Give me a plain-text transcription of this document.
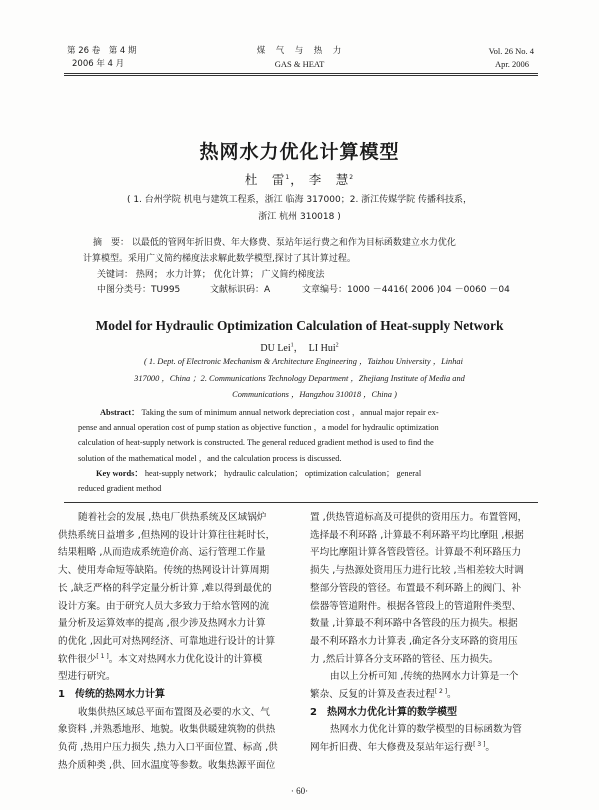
第 26 卷　第 4 期
2006 年 4 月
煤　气　与　热　力
GAS & HEAT
Vol. 26 No. 4
Apr. 2006
热网水力优化计算模型
杜　雷$^1$， 李　慧$^2$
( 1. 台州学院 机电与建筑工程系，浙江 临海 317000；2. 浙江传媒学院 传播科技系，
浙江 杭州 310018 )
摘　要： 以最低的管网年折旧费、年大修费、泵站年运行费之和作为目标函数建立水力优化
计算模型。采用广义简约梯度法求解此数学模型,探讨了其计算过程。
关键词： 热网； 水力计算； 优化计算； 广义简约梯度法
中图分类号：TU995	文献标识码：A	文章编号：1000 －4416( 2006 )04 －0060 －04
Model for Hydraulic Optimization Calculation of Heat-supply Network
DU Lei$^1$， LI Hui$^2$
( 1. Dept. of Electronic Mechanism & Architecture Engineering ，Taizhou University ，Linhai
317000 ，China ；2. Communications Technology Department ，Zhejiang Institute of Media and
Communications ，Hangzhou 310018 ，China )
Abstract： Taking the sum of minimum annual network depreciation cost ，annual major repair ex-
pense and annual operation cost of pump station as objective function ，a model for hydraulic optimization
calculation of heat-supply network is constructed. The general reduced gradient method is used to find the
solution of the mathematical model ，and the calculation process is discussed.
Key words： heat-supply network； hydraulic calculation； optimization calculation； general
reduced gradient method
随着社会的发展 ,热电厂供热系统及区域锅炉
供热系统日益增多 ,但热网的设计计算往往耗时长，
结果粗略 ,从而造成系统造价高、运行管理工作量
大、使用寿命短等缺陷。传统的热网设计计算周期
长 ,缺乏严格的科学定量分析计算 ,难以得到最优的
设计方案。由于研究人员大多致力于给水管网的流
量分析及运算效率的提高 ,很少涉及热网水力计算
的优化 ,因此可对热网经济、可靠地进行设计的计算
软件很少[ 1 ]。本文对热网水力优化设计的计算模
型进行研究。
1 传统的热网水力计算
收集供热区域总平面布置图及必要的水文、气
象资料 ,并熟悉地形、地貌。收集供暖建筑物的供热
负荷 ,热用户压力损失 ,热力入口平面位置、标高 ,供
热介质种类 ,供、回水温度等参数。收集热源平面位
置 ,供热管道标高及可提供的资用压力。布置管网，
选择最不利环路 ,计算最不利环路平均比摩阻 ,根据
平均比摩阻计算各管段管径。计算最不利环路压力
损失 ,与热源处资用压力进行比较 ,当相差较大时调
整部分管段的管径。布置最不利环路上的阀门、补
偿器等管道附件。根据各管段上的管道附件类型、
数量 ,计算最不利环路中各管段的压力损失。根据
最不利环路水力计算表 ,确定各分支环路的资用压
力 ,然后计算各分支环路的管径、压力损失。
由以上分析可知 ,传统的热网水力计算是一个
繁杂、反复的计算及查表过程[ 2 ]。
2 热网水力优化计算的数学模型
热网水力优化计算的数学模型的目标函数为管
网年折旧费、年大修费及泵站年运行费[ 3 ]。
· 60·
